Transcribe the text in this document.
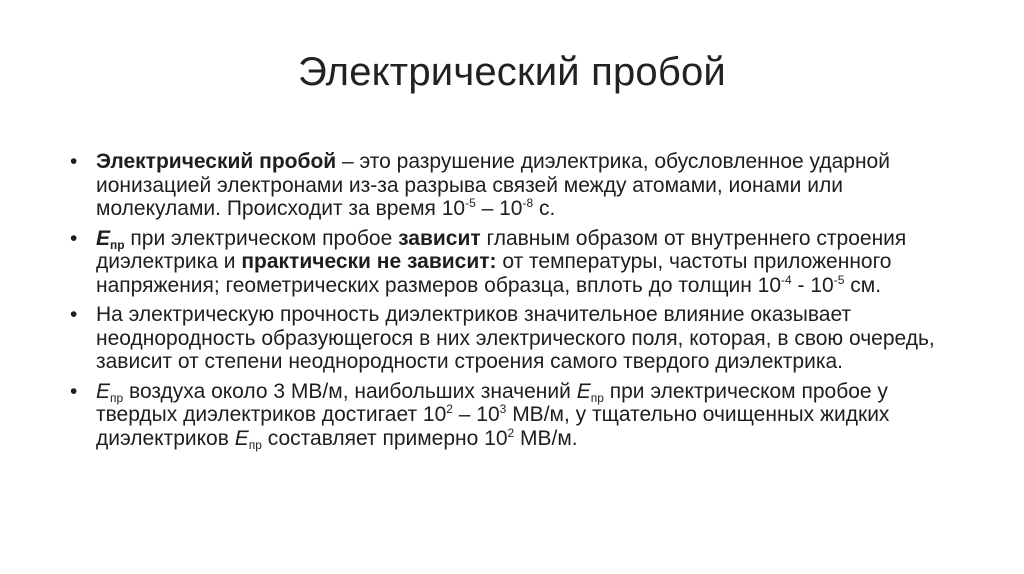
Электрический пробой
• Электрический пробой – это разрушение диэлектрика, обусловленное ударной ионизацией электронами из-за разрыва связей между атомами, ионами или молекулами. Происходит за время $10^{-5} - 10^{-8}$ с.
• $E_{пр}$ при электрическом пробое зависит главным образом от внутреннего строения диэлектрика и практически не зависит: от температуры, частоты приложенного напряжения; геометрических размеров образца, вплоть до толщин $10^{-4} - 10^{-5}$ см.
• На электрическую прочность диэлектриков значительное влияние оказывает неоднородность образующегося в них электрического поля, которая, в свою очередь, зависит от степени неоднородности строения самого твердого диэлектрика.
• $E_{пр}$ воздуха около 3 МВ/м, наибольших значений $E_{пр}$ при электрическом пробое у твердых диэлектриков достигает $10^2 - 10^3$ МВ/м, у тщательно очищенных жидких диэлектриков $E_{пр}$ составляет примерно $10^2$ МВ/м.
